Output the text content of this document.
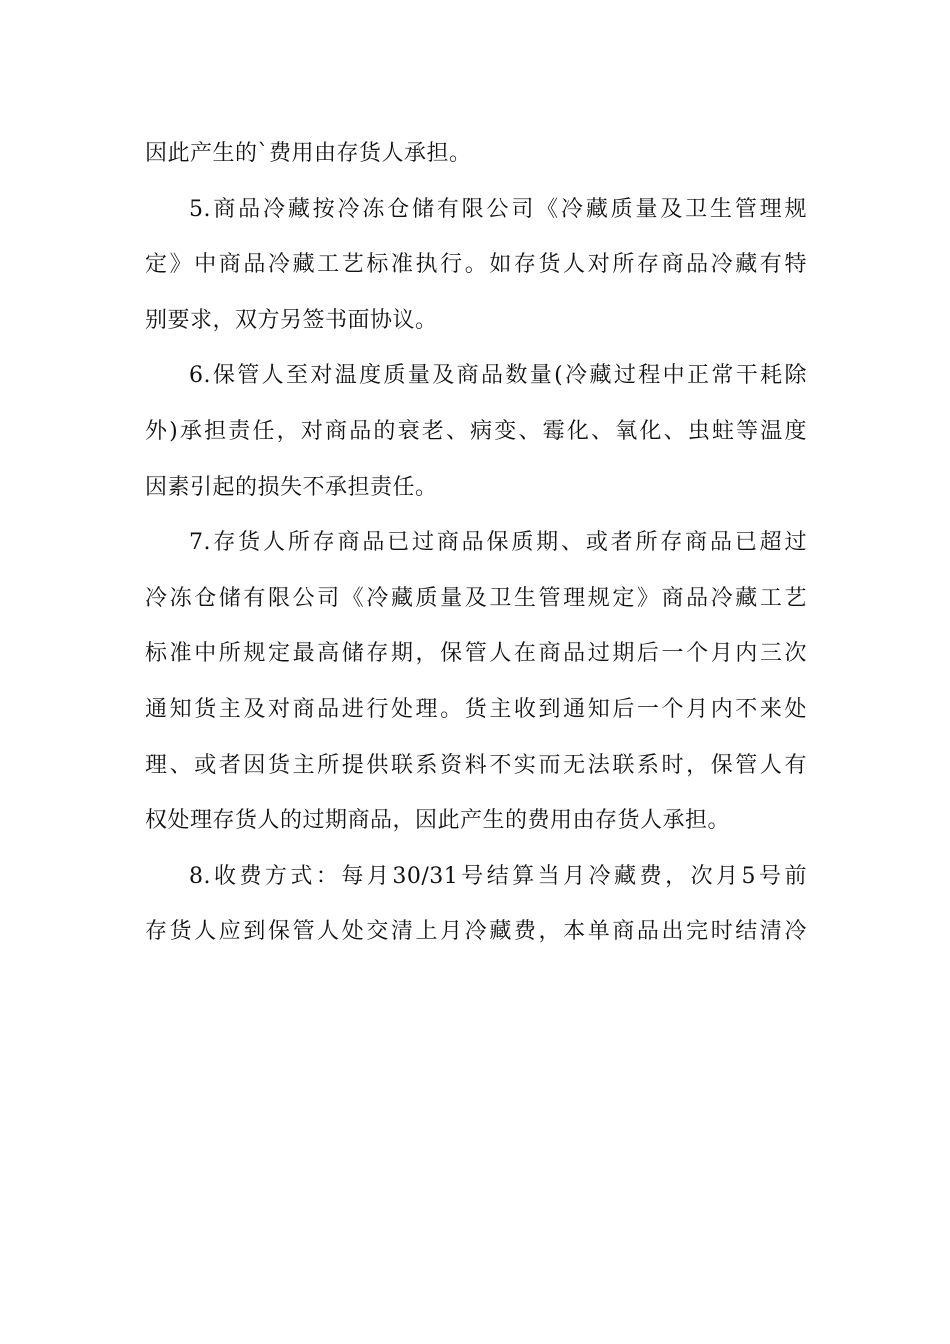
因此产生的`费用由存货人承担。
5.商品冷藏按冷冻仓储有限公司《冷藏质量及卫生管理规
定》中商品冷藏工艺标准执行。如存货人对所存商品冷藏有特
别要求，双方另签书面协议。
6.保管人至对温度质量及商品数量(冷藏过程中正常干耗除
外)承担责任，对商品的衰老、病变、霉化、氧化、虫蛀等温度
因素引起的损失不承担责任。
7.存货人所存商品已过商品保质期、或者所存商品已超过
冷冻仓储有限公司《冷藏质量及卫生管理规定》商品冷藏工艺
标准中所规定最高储存期，保管人在商品过期后一个月内三次
通知货主及对商品进行处理。货主收到通知后一个月内不来处
理、或者因货主所提供联系资料不实而无法联系时，保管人有
权处理存货人的过期商品，因此产生的费用由存货人承担。
8.收费方式：每月30/31号结算当月冷藏费，次月5号前
存货人应到保管人处交清上月冷藏费，本单商品出完时结清冷
